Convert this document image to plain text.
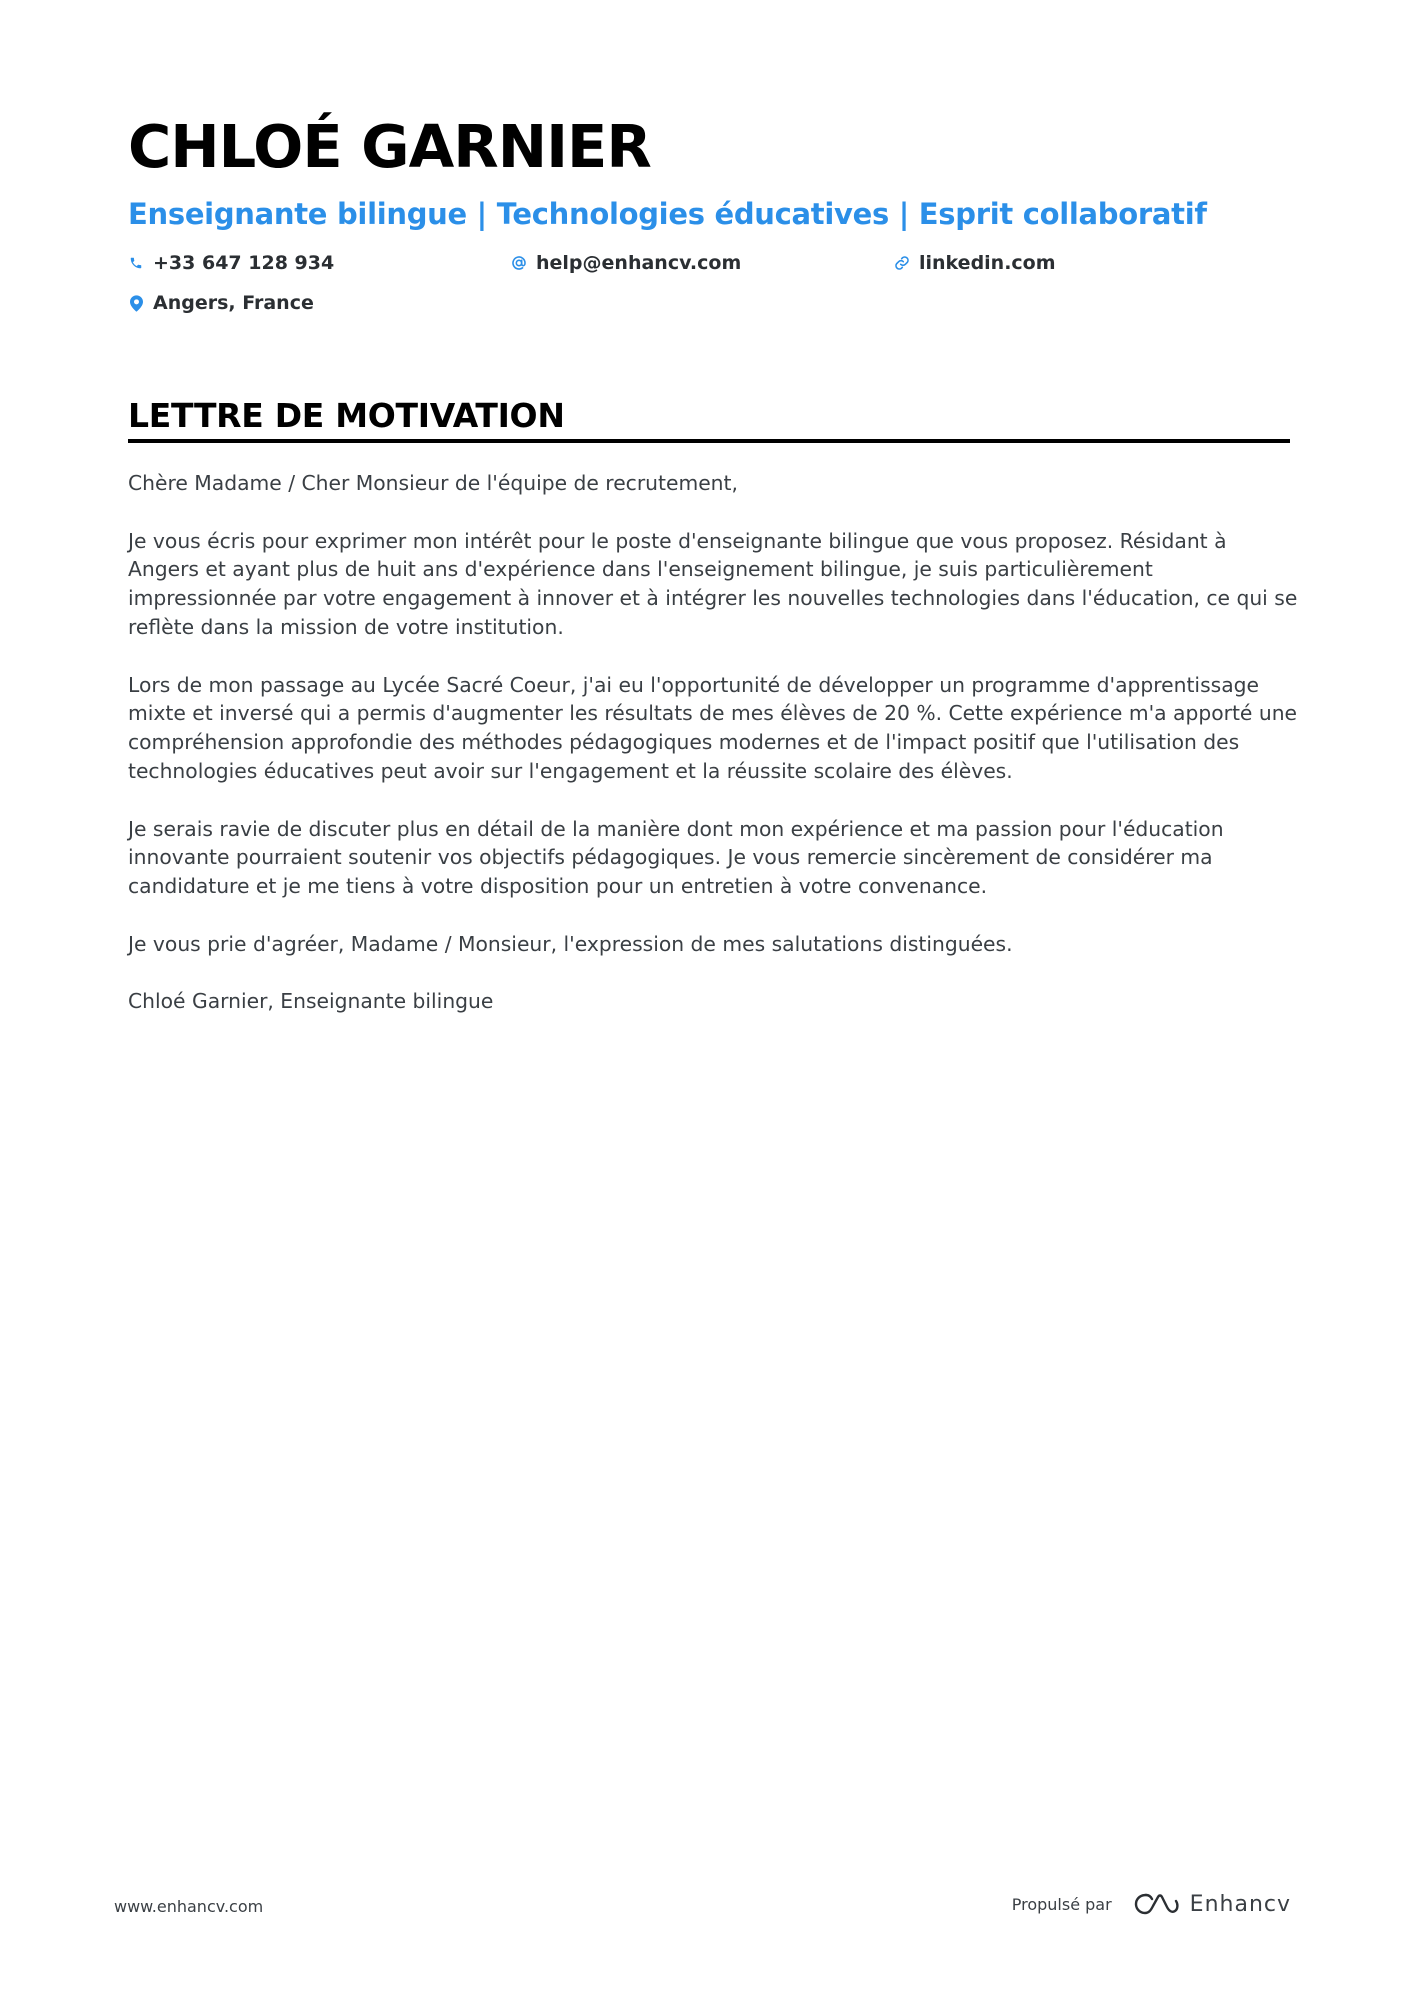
CHLOÉ GARNIER
Enseignante bilingue | Technologies éducatives | Esprit collaboratif
+33 647 128 934	help@enhancv.com	linkedin.com
Angers, France
LETTRE DE MOTIVATION

Chère Madame / Cher Monsieur de l'équipe de recrutement,

Je vous écris pour exprimer mon intérêt pour le poste d'enseignante bilingue que vous proposez. Résidant à Angers et ayant plus de huit ans d'expérience dans l'enseignement bilingue, je suis particulièrement impressionnée par votre engagement à innover et à intégrer les nouvelles technologies dans l'éducation, ce qui se reflète dans la mission de votre institution.

Lors de mon passage au Lycée Sacré Coeur, j'ai eu l'opportunité de développer un programme d'apprentissage mixte et inversé qui a permis d'augmenter les résultats de mes élèves de 20 %. Cette expérience m'a apporté une compréhension approfondie des méthodes pédagogiques modernes et de l'impact positif que l'utilisation des technologies éducatives peut avoir sur l'engagement et la réussite scolaire des élèves.

Je serais ravie de discuter plus en détail de la manière dont mon expérience et ma passion pour l'éducation innovante pourraient soutenir vos objectifs pédagogiques. Je vous remercie sincèrement de considérer ma candidature et je me tiens à votre disposition pour un entretien à votre convenance.

Je vous prie d'agréer, Madame / Monsieur, l'expression de mes salutations distinguées.

Chloé Garnier, Enseignante bilingue

www.enhancv.com	Propulsé par	Enhancv
